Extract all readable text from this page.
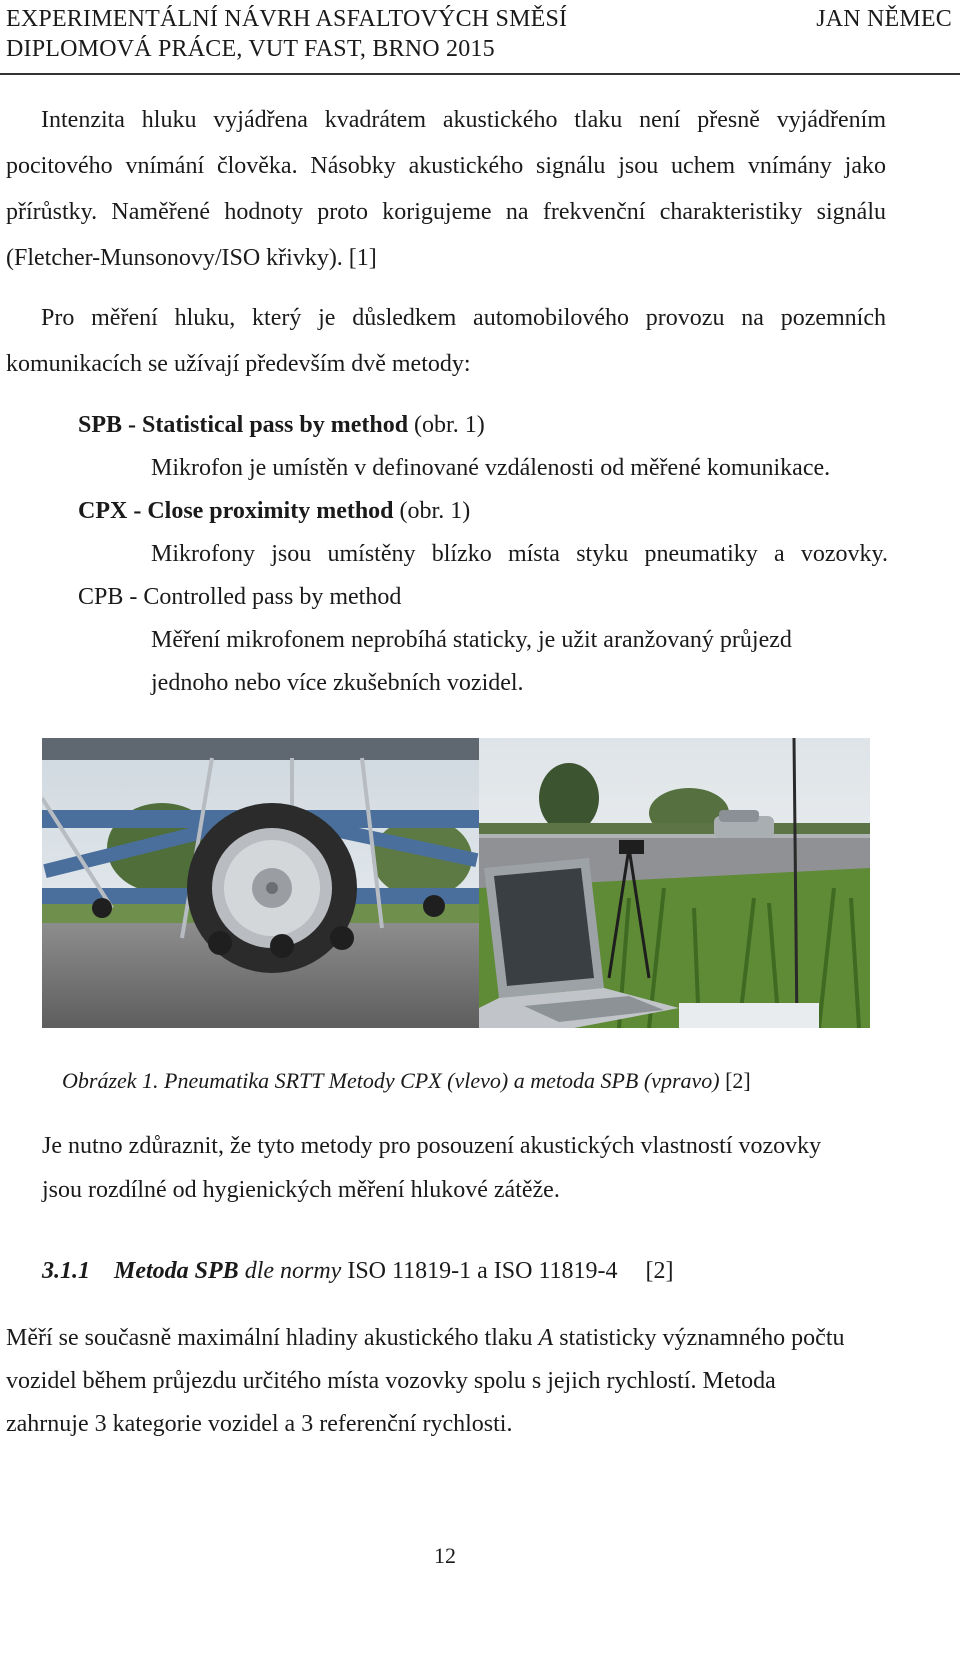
EXPERIMENTÁLNÍ NÁVRH ASFALTOVÝCH SMĚSÍ	JAN NĚMEC
DIPLOMOVÁ PRÁCE, VUT FAST, BRNO 2015
Intenzita hluku vyjádřena kvadrátem akustického tlaku není přesně vyjádřením
pocitového vnímání člověka. Násobky akustického signálu jsou uchem vnímány jako
přírůstky. Naměřené hodnoty proto korigujeme na frekvenční charakteristiky signálu
(Fletcher-Munsonovy/ISO křivky). [1]
Pro měření hluku, který je důsledkem automobilového provozu na pozemních
komunikacích se užívají především dvě metody:
SPB - Statistical pass by method (obr. 1)
Mikrofon je umístěn v definované vzdálenosti od měřené komunikace.
CPX - Close proximity method (obr. 1)
Mikrofony jsou umístěny blízko místa styku pneumatiky a vozovky.
CPB - Controlled pass by method
Měření mikrofonem neprobíhá staticky, je užit aranžovaný průjezd
jednoho nebo více zkušebních vozidel.
Obrázek 1. Pneumatika SRTT Metody CPX (vlevo) a metoda SPB (vpravo) [2]
Je nutno zdůraznit, že tyto metody pro posouzení akustických vlastností vozovky
jsou rozdílné od hygienických měření hlukové zátěže.
3.1.1 Metoda SPB dle normy ISO 11819-1 a ISO 11819-4 [2]
Měří se současně maximální hladiny akustického tlaku A statisticky významného počtu
vozidel během průjezdu určitého místa vozovky spolu s jejich rychlostí. Metoda
zahrnuje 3 kategorie vozidel a 3 referenční rychlosti.
12
